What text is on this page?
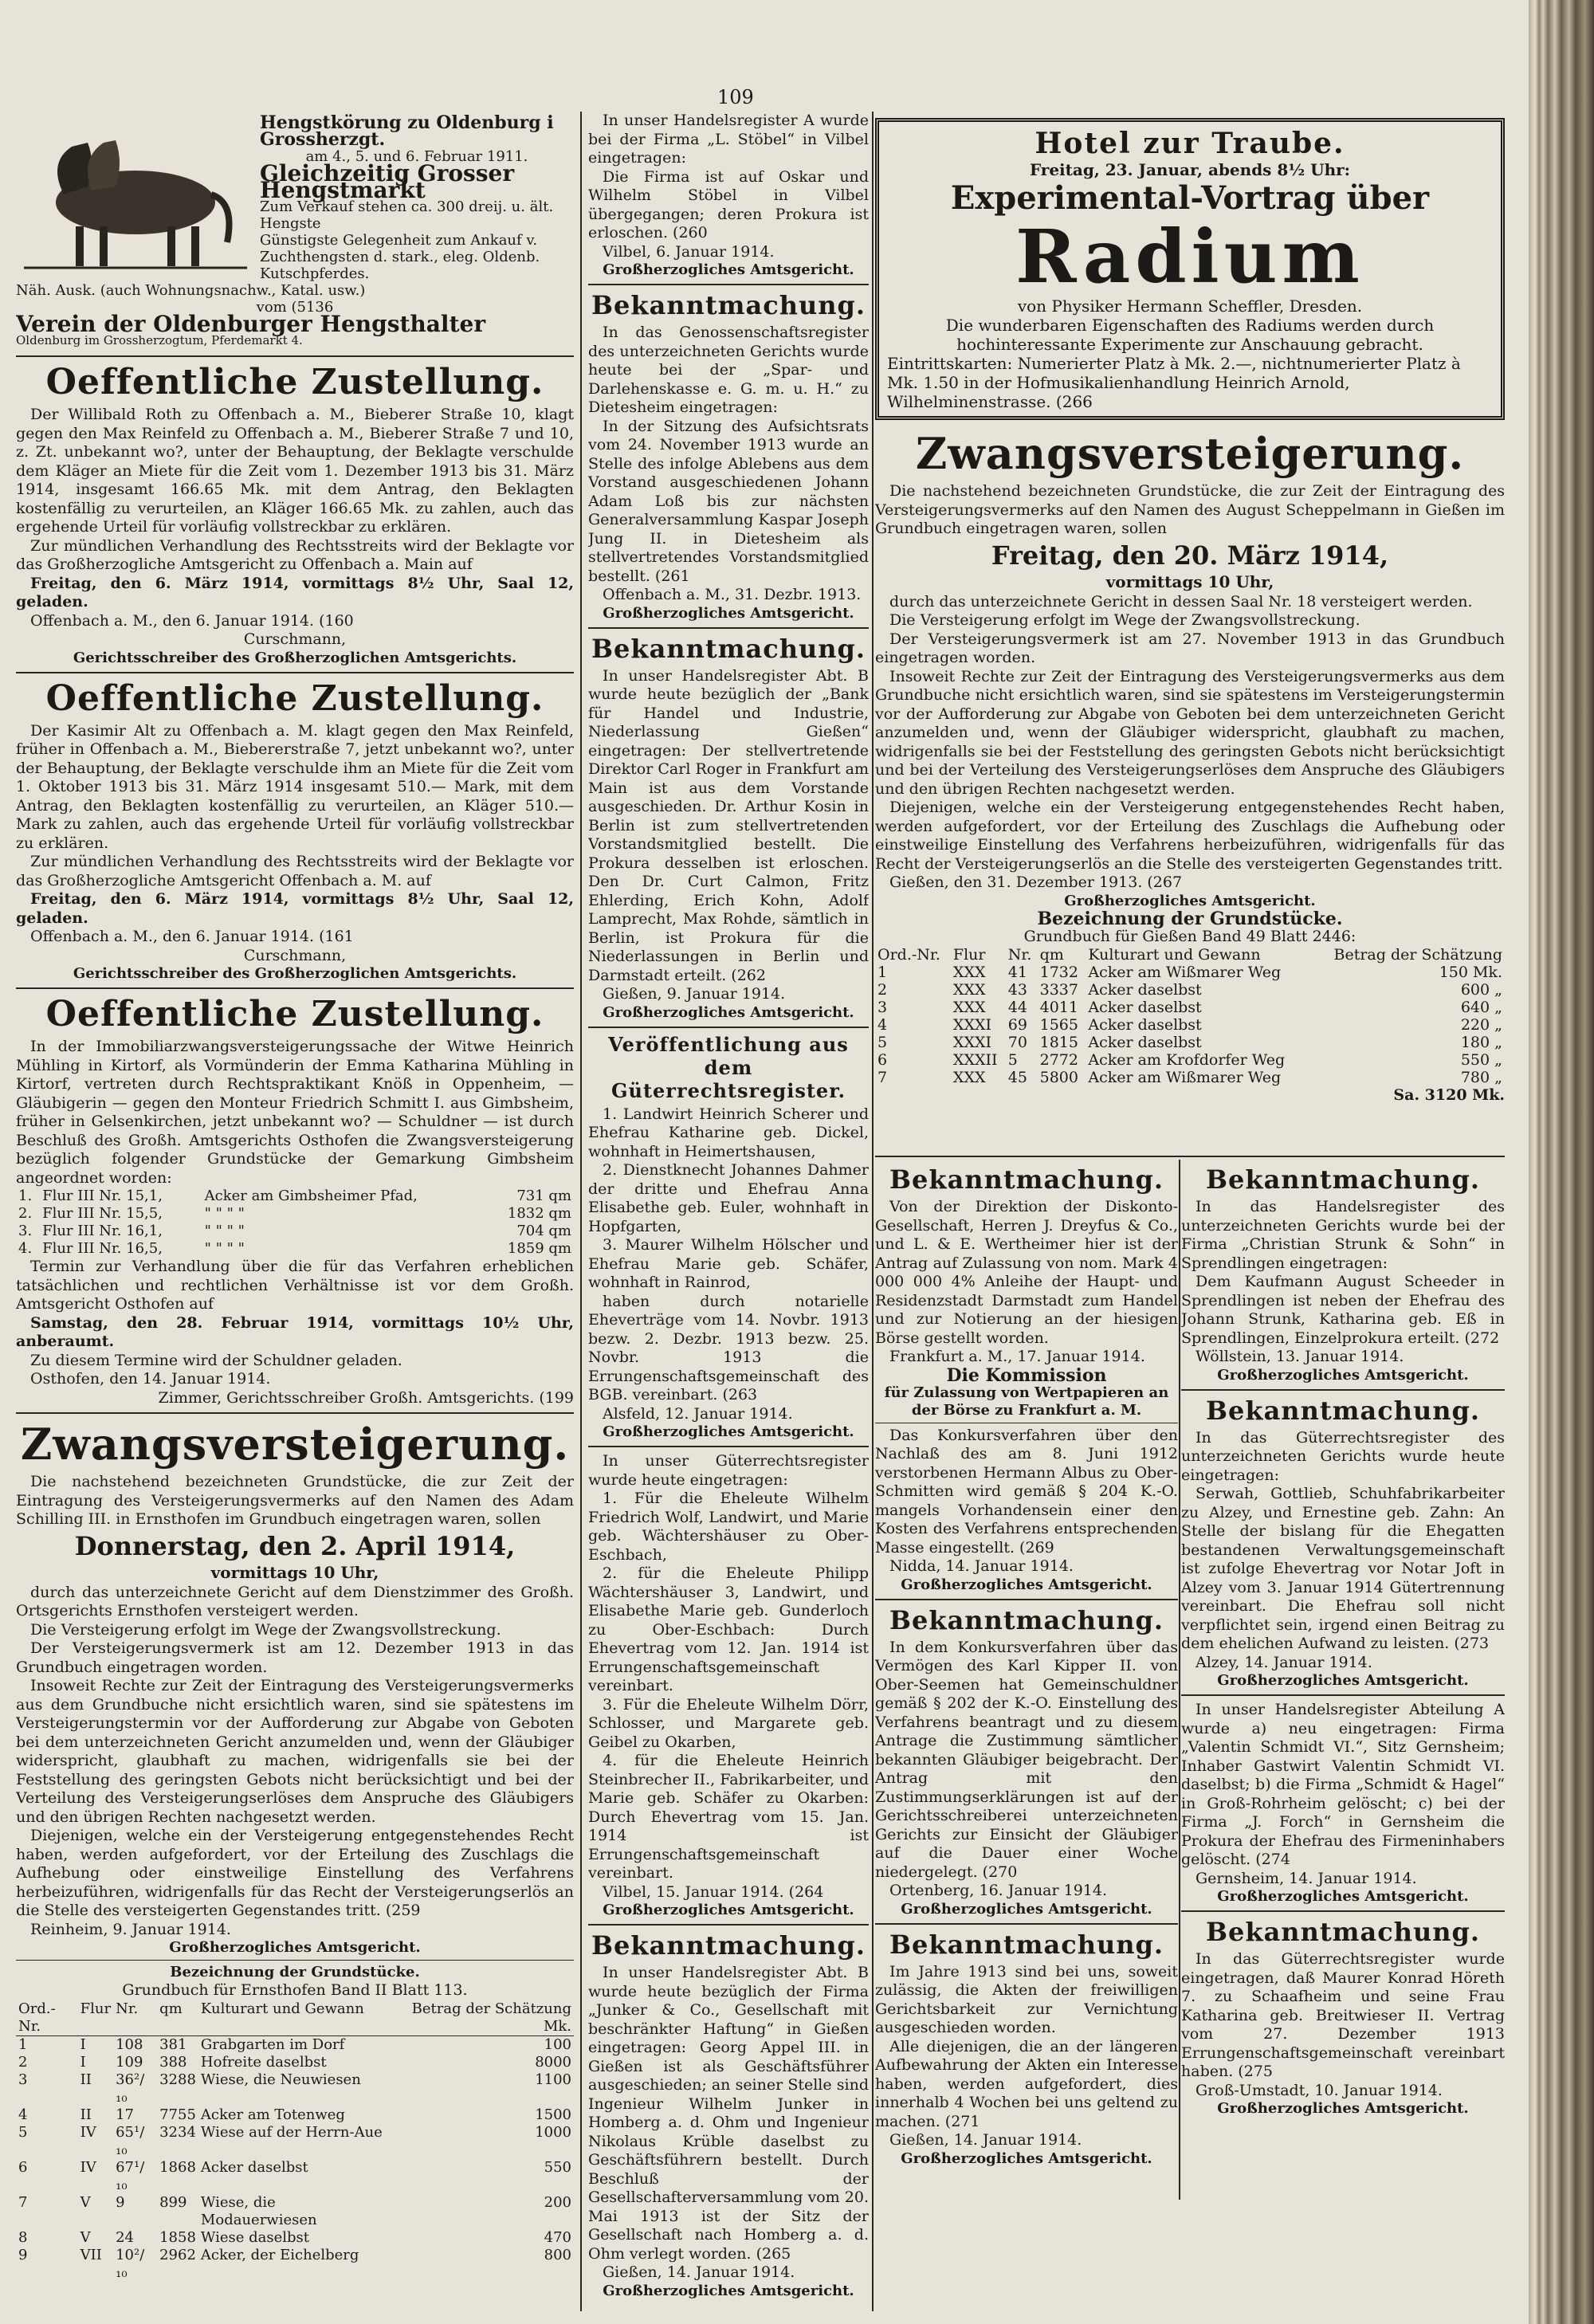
109
Hengstkörung zu Oldenburg i Grossherzgt.
am 4., 5. und 6. Februar 1911.
Gleichzeitig Grosser Hengstmarkt
Zum Verkauf stehen ca. 300 dreij. u. ält. Hengste
Günstigste Gelegenheit zum Ankauf v. Zuchthengsten d. stark., eleg. Oldenb. Kutschpferdes.
Näh. Ausk. (auch Wohnungsnachw., Katal. usw.)
vom (5136
Verein der Oldenburger Hengsthalter
Oldenburg im Grossherzogtum, Pferdemarkt 4.
Oeffentliche Zustellung.

Der Willibald Roth zu Offenbach a. M., Bieberer Straße 10, klagt gegen den Max Reinfeld zu Offenbach a. M., Bieberer Straße 7 und 10, z. Zt. unbekannt wo?, unter der Behauptung, der Beklagte verschulde dem Kläger an Miete für die Zeit vom 1. Dezember 1913 bis 31. März 1914, insgesamt 166.65 Mk. mit dem Antrag, den Beklagten kostenfällig zu verurteilen, an Kläger 166.65 Mk. zu zahlen, auch das ergehende Urteil für vorläufig vollstreckbar zu erklären.

Zur mündlichen Verhandlung des Rechtsstreits wird der Beklagte vor das Großherzogliche Amtsgericht zu Offenbach a. Main auf

Freitag, den 6. März 1914, vormittags 8½ Uhr, Saal 12, geladen.

Offenbach a. M., den 6. Januar 1914. (160

Curschmann,

Gerichtsschreiber des Großherzoglichen Amtsgerichts.

Oeffentliche Zustellung.

Der Kasimir Alt zu Offenbach a. M. klagt gegen den Max Reinfeld, früher in Offenbach a. M., Biebererstraße 7, jetzt unbekannt wo?, unter der Behauptung, der Beklagte verschulde ihm an Miete für die Zeit vom 1. Oktober 1913 bis 31. März 1914 insgesamt 510.— Mark, mit dem Antrag, den Beklagten kostenfällig zu verurteilen, an Kläger 510.— Mark zu zahlen, auch das ergehende Urteil für vorläufig vollstreckbar zu erklären.

Zur mündlichen Verhandlung des Rechtsstreits wird der Beklagte vor das Großherzogliche Amtsgericht Offenbach a. M. auf

Freitag, den 6. März 1914, vormittags 8½ Uhr, Saal 12, geladen.

Offenbach a. M., den 6. Januar 1914. (161

Curschmann,

Gerichtsschreiber des Großherzoglichen Amtsgerichts.

Oeffentliche Zustellung.

In der Immobiliarzwangsversteigerungssache der Witwe Heinrich Mühling in Kirtorf, als Vormünderin der Emma Katharina Mühling in Kirtorf, vertreten durch Rechtspraktikant Knöß in Oppenheim, — Gläubigerin — gegen den Monteur Friedrich Schmitt I. aus Gimbsheim, früher in Gelsenkirchen, jetzt unbekannt wo? — Schuldner — ist durch Beschluß des Großh. Amtsgerichts Osthofen die Zwangsversteigerung bezüglich folgender Grundstücke der Gemarkung Gimbsheim angeordnet worden:

1.	Flur III Nr. 15,1,	Acker am Gimbsheimer Pfad,	731 qm
2.	Flur III Nr. 15,5,	" " " "	1832 qm
3.	Flur III Nr. 16,1,	" " " "	704 qm
4.	Flur III Nr. 16,5,	" " " "	1859 qm

Termin zur Verhandlung über die für das Verfahren erheblichen tatsächlichen und rechtlichen Verhältnisse ist vor dem Großh. Amtsgericht Osthofen auf

Samstag, den 28. Februar 1914, vormittags 10½ Uhr, anberaumt.

Zu diesem Termine wird der Schuldner geladen.

Osthofen, den 14. Januar 1914.

Zimmer, Gerichtsschreiber Großh. Amtsgerichts. (199

Zwangsversteigerung.

Die nachstehend bezeichneten Grundstücke, die zur Zeit der Eintragung des Versteigerungsvermerks auf den Namen des Adam Schilling III. in Ernsthofen im Grundbuch eingetragen waren, sollen

Donnerstag, den 2. April 1914,

vormittags 10 Uhr,

durch das unterzeichnete Gericht auf dem Dienstzimmer des Großh. Ortsgerichts Ernsthofen versteigert werden.

Die Versteigerung erfolgt im Wege der Zwangsvollstreckung.

Der Versteigerungsvermerk ist am 12. Dezember 1913 in das Grundbuch eingetragen worden.

Insoweit Rechte zur Zeit der Eintragung des Versteigerungsvermerks aus dem Grundbuche nicht ersichtlich waren, sind sie spätestens im Versteigerungstermin vor der Aufforderung zur Abgabe von Geboten bei dem unterzeichneten Gericht anzumelden und, wenn der Gläubiger widerspricht, glaubhaft zu machen, widrigenfalls sie bei der Feststellung des geringsten Gebots nicht berücksichtigt und bei der Verteilung des Versteigerungserlöses dem Anspruche des Gläubigers und den übrigen Rechten nachgesetzt werden.

Diejenigen, welche ein der Versteigerung entgegenstehendes Recht haben, werden aufgefordert, vor der Erteilung des Zuschlags die Aufhebung oder einstweilige Einstellung des Verfahrens herbeizuführen, widrigenfalls für das Recht der Versteigerungserlös an die Stelle des versteigerten Gegenstandes tritt. (259

Reinheim, 9. Januar 1914.

Großherzogliches Amtsgericht.

Bezeichnung der Grundstücke.

Grundbuch für Ernsthofen Band II Blatt 113.

Ord.-Nr.	Flur	Nr.	qm	Kulturart und Gewann	Betrag der Schätzung Mk.
1	I	108	381	Grabgarten im Dorf	100
2	I	109	388	Hofreite daselbst	8000
3	II	36²/₁₀	3288	Wiese, die Neuwiesen	1100
4	II	17	7755	Acker am Totenweg	1500
5	IV	65¹/₁₀	3234	Wiese auf der Herrn-Aue	1000
6	IV	67¹/₁₀	1868	Acker daselbst	550
7	V	9	899	Wiese, die Modauerwiesen	200
8	V	24	1858	Wiese daselbst	470
9	VII	10²/₁₀	2962	Acker, der Eichelberg	800

In unser Handelsregister A wurde bei der Firma „L. Stöbel“ in Vilbel eingetragen:

Die Firma ist auf Oskar und Wilhelm Stöbel in Vilbel übergegangen; deren Prokura ist erloschen. (260

Vilbel, 6. Januar 1914.

Großherzogliches Amtsgericht.

Bekanntmachung.

In das Genossenschaftsregister des unterzeichneten Gerichts wurde heute bei der „Spar- und Darlehenskasse e. G. m. u. H.“ zu Dietesheim eingetragen:

In der Sitzung des Aufsichtsrats vom 24. November 1913 wurde an Stelle des infolge Ablebens aus dem Vorstand ausgeschiedenen Johann Adam Loß bis zur nächsten Generalversammlung Kaspar Joseph Jung II. in Dietesheim als stellvertretendes Vorstandsmitglied bestellt. (261

Offenbach a. M., 31. Dezbr. 1913.

Großherzogliches Amtsgericht.

Bekanntmachung.

In unser Handelsregister Abt. B wurde heute bezüglich der „Bank für Handel und Industrie, Niederlassung Gießen“ eingetragen: Der stellvertretende Direktor Carl Roger in Frankfurt am Main ist aus dem Vorstande ausgeschieden. Dr. Arthur Kosin in Berlin ist zum stellvertretenden Vorstandsmitglied bestellt. Die Prokura desselben ist erloschen. Den Dr. Curt Calmon, Fritz Ehlerding, Erich Kohn, Adolf Lamprecht, Max Rohde, sämtlich in Berlin, ist Prokura für die Niederlassungen in Berlin und Darmstadt erteilt. (262

Gießen, 9. Januar 1914.

Großherzogliches Amtsgericht.

Veröffentlichung aus dem Güterrechtsregister.

1. Landwirt Heinrich Scherer und Ehefrau Katharine geb. Dickel, wohnhaft in Heimertshausen,

2. Dienstknecht Johannes Dahmer der dritte und Ehefrau Anna Elisabethe geb. Euler, wohnhaft in Hopfgarten,

3. Maurer Wilhelm Hölscher und Ehefrau Marie geb. Schäfer, wohnhaft in Rainrod,

haben durch notarielle Eheverträge vom 14. Novbr. 1913 bezw. 2. Dezbr. 1913 bezw. 25. Novbr. 1913 die Errungenschaftsgemeinschaft des BGB. vereinbart. (263

Alsfeld, 12. Januar 1914.

Großherzogliches Amtsgericht.

In unser Güterrechtsregister wurde heute eingetragen:

1. Für die Eheleute Wilhelm Friedrich Wolf, Landwirt, und Marie geb. Wächtershäuser zu Ober-Eschbach,

2. für die Eheleute Philipp Wächtershäuser 3, Landwirt, und Elisabethe Marie geb. Gunderloch zu Ober-Eschbach: Durch Ehevertrag vom 12. Jan. 1914 ist Errungenschaftsgemeinschaft vereinbart.

3. Für die Eheleute Wilhelm Dörr, Schlosser, und Margarete geb. Geibel zu Okarben,

4. für die Eheleute Heinrich Steinbrecher II., Fabrikarbeiter, und Marie geb. Schäfer zu Okarben: Durch Ehevertrag vom 15. Jan. 1914 ist Errungenschaftsgemeinschaft vereinbart.

Vilbel, 15. Januar 1914. (264

Großherzogliches Amtsgericht.

Bekanntmachung.

In unser Handelsregister Abt. B wurde heute bezüglich der Firma „Junker & Co., Gesellschaft mit beschränkter Haftung“ in Gießen eingetragen: Georg Appel III. in Gießen ist als Geschäftsführer ausgeschieden; an seiner Stelle sind Ingenieur Wilhelm Junker in Homberg a. d. Ohm und Ingenieur Nikolaus Krüble daselbst zu Geschäftsführern bestellt. Durch Beschluß der Gesellschafterversammlung vom 20. Mai 1913 ist der Sitz der Gesellschaft nach Homberg a. d. Ohm verlegt worden. (265

Gießen, 14. Januar 1914.

Großherzogliches Amtsgericht.

Hotel zur Traube.
Freitag, 23. Januar, abends 8½ Uhr:
Experimental-Vortrag über
Radium
von Physiker Hermann Scheffler, Dresden.
Die wunderbaren Eigenschaften des Radiums werden durch hochinteressante Experimente zur Anschauung gebracht.
Eintrittskarten: Numerierter Platz à Mk. 2.—, nichtnumerierter Platz à Mk. 1.50 in der Hofmusikalienhandlung Heinrich Arnold, Wilhelminenstrasse. (266
Zwangsversteigerung.

Die nachstehend bezeichneten Grundstücke, die zur Zeit der Eintragung des Versteigerungsvermerks auf den Namen des August Scheppelmann in Gießen im Grundbuch eingetragen waren, sollen

Freitag, den 20. März 1914,

vormittags 10 Uhr,

durch das unterzeichnete Gericht in dessen Saal Nr. 18 versteigert werden.

Die Versteigerung erfolgt im Wege der Zwangsvollstreckung.

Der Versteigerungsvermerk ist am 27. November 1913 in das Grundbuch eingetragen worden.

Insoweit Rechte zur Zeit der Eintragung des Versteigerungsvermerks aus dem Grundbuche nicht ersichtlich waren, sind sie spätestens im Versteigerungstermin vor der Aufforderung zur Abgabe von Geboten bei dem unterzeichneten Gericht anzumelden und, wenn der Gläubiger widerspricht, glaubhaft zu machen, widrigenfalls sie bei der Feststellung des geringsten Gebots nicht berücksichtigt und bei der Verteilung des Versteigerungserlöses dem Anspruche des Gläubigers und den übrigen Rechten nachgesetzt werden.

Diejenigen, welche ein der Versteigerung entgegenstehendes Recht haben, werden aufgefordert, vor der Erteilung des Zuschlags die Aufhebung oder einstweilige Einstellung des Verfahrens herbeizuführen, widrigenfalls für das Recht der Versteigerungserlös an die Stelle des versteigerten Gegenstandes tritt.

Gießen, den 31. Dezember 1913. (267

Großherzogliches Amtsgericht.

Bezeichnung der Grundstücke.

Grundbuch für Gießen Band 49 Blatt 2446:

Ord.-Nr.	Flur	Nr.	qm	Kulturart und Gewann	Betrag der Schätzung
1	XXX	41	1732	Acker am Wißmarer Weg	150 Mk.
2	XXX	43	3337	Acker daselbst	600 „
3	XXX	44	4011	Acker daselbst	640 „
4	XXXI	69	1565	Acker daselbst	220 „
5	XXXI	70	1815	Acker daselbst	180 „
6	XXXII	5	2772	Acker am Krofdorfer Weg	550 „
7	XXX	45	5800	Acker am Wißmarer Weg	780 „

Sa. 3120 Mk.

Bekanntmachung.

Von der Direktion der Diskonto-Gesellschaft, Herren J. Dreyfus & Co., und L. & E. Wertheimer hier ist der Antrag auf Zulassung von nom. Mark 4 000 000 4% Anleihe der Haupt- und Residenzstadt Darmstadt zum Handel und zur Notierung an der hiesigen Börse gestellt worden.

Frankfurt a. M., 17. Januar 1914.

Die Kommission

für Zulassung von Wertpapieren an der Börse zu Frankfurt a. M.

Das Konkursverfahren über den Nachlaß des am 8. Juni 1912 verstorbenen Hermann Albus zu Ober-Schmitten wird gemäß § 204 K.-O. mangels Vorhandensein einer den Kosten des Verfahrens entsprechenden Masse eingestellt. (269

Nidda, 14. Januar 1914.

Großherzogliches Amtsgericht.

Bekanntmachung.

In dem Konkursverfahren über das Vermögen des Karl Kipper II. von Ober-Seemen hat Gemeinschuldner gemäß § 202 der K.-O. Einstellung des Verfahrens beantragt und zu diesem Antrage die Zustimmung sämtlicher bekannten Gläubiger beigebracht. Der Antrag mit den Zustimmungserklärungen ist auf der Gerichtsschreiberei unterzeichneten Gerichts zur Einsicht der Gläubiger auf die Dauer einer Woche niedergelegt. (270

Ortenberg, 16. Januar 1914.

Großherzogliches Amtsgericht.

Bekanntmachung.

Im Jahre 1913 sind bei uns, soweit zulässig, die Akten der freiwilligen Gerichtsbarkeit zur Vernichtung ausgeschieden worden.

Alle diejenigen, die an der längeren Aufbewahrung der Akten ein Interesse haben, werden aufgefordert, dies innerhalb 4 Wochen bei uns geltend zu machen. (271

Gießen, 14. Januar 1914.

Großherzogliches Amtsgericht.

Bekanntmachung.

In das Handelsregister des unterzeichneten Gerichts wurde bei der Firma „Christian Strunk & Sohn“ in Sprendlingen eingetragen:

Dem Kaufmann August Scheeder in Sprendlingen ist neben der Ehefrau des Johann Strunk, Katharina geb. Eß in Sprendlingen, Einzelprokura erteilt. (272

Wöllstein, 13. Januar 1914.

Großherzogliches Amtsgericht.

Bekanntmachung.

In das Güterrechtsregister des unterzeichneten Gerichts wurde heute eingetragen:

Serwah, Gottlieb, Schuhfabrikarbeiter zu Alzey, und Ernestine geb. Zahn: An Stelle der bislang für die Ehegatten bestandenen Verwaltungsgemeinschaft ist zufolge Ehevertrag vor Notar Joft in Alzey vom 3. Januar 1914 Gütertrennung vereinbart. Die Ehefrau soll nicht verpflichtet sein, irgend einen Beitrag zu dem ehelichen Aufwand zu leisten. (273

Alzey, 14. Januar 1914.

Großherzogliches Amtsgericht.

In unser Handelsregister Abteilung A wurde a) neu eingetragen: Firma „Valentin Schmidt VI.“, Sitz Gernsheim; Inhaber Gastwirt Valentin Schmidt VI. daselbst; b) die Firma „Schmidt & Hagel“ in Groß-Rohrheim gelöscht; c) bei der Firma „J. Forch“ in Gernsheim die Prokura der Ehefrau des Firmeninhabers gelöscht. (274

Gernsheim, 14. Januar 1914.

Großherzogliches Amtsgericht.

Bekanntmachung.

In das Güterrechtsregister wurde eingetragen, daß Maurer Konrad Höreth 7. zu Schaafheim und seine Frau Katharina geb. Breitwieser II. Vertrag vom 27. Dezember 1913 Errungenschaftsgemeinschaft vereinbart haben. (275

Groß-Umstadt, 10. Januar 1914.

Großherzogliches Amtsgericht.
